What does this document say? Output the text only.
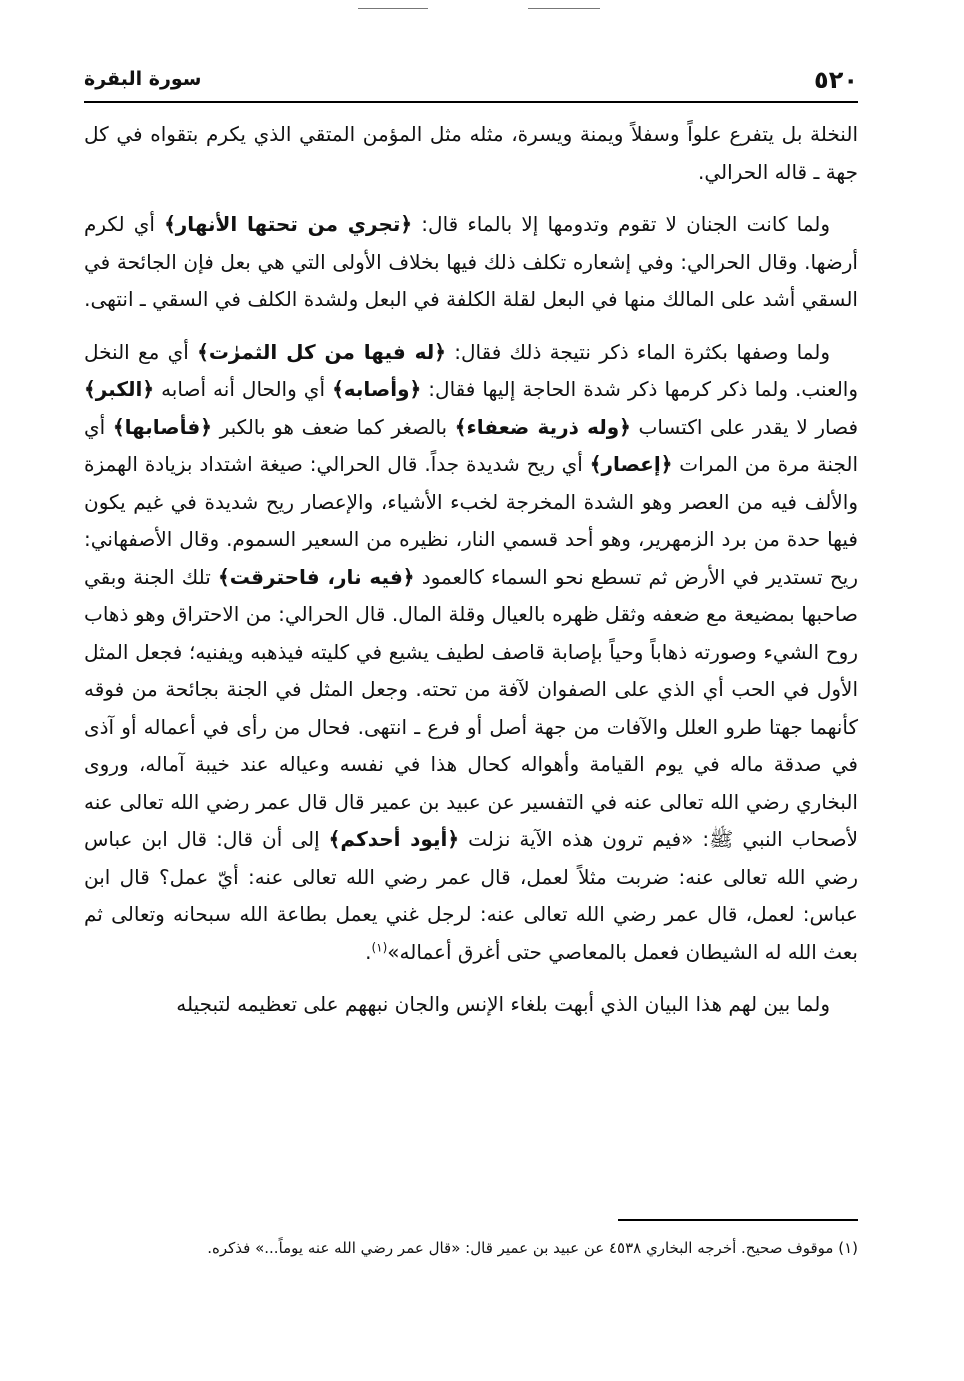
٥٢٠
سورة البقرة

النخلة بل يتفرع علواً وسفلاً ويمنة ويسرة، مثله مثل المؤمن المتقي الذي يكرم بتقواه في كل جهة ـ قاله الحرالي.

ولما كانت الجنان لا تقوم وتدومها إلا بالماء قال: ﴿تجري من تحتها الأنهار﴾ أي لكرم أرضها. وقال الحرالي: وفي إشعاره تكلف ذلك فيها بخلاف الأولى التي هي بعل فإن الجائحة في السقي أشد على المالك منها في البعل لقلة الكلفة في البعل ولشدة الكلف في السقي ـ انتهى.

ولما وصفها بكثرة الماء ذكر نتيجة ذلك فقال: ﴿له فيها من كل الثمرٰت﴾ أي مع النخل والعنب. ولما ذكر كرمها ذكر شدة الحاجة إليها فقال: ﴿وأصابه﴾ أي والحال أنه أصابه ﴿الكبر﴾ فصار لا يقدر على اكتساب ﴿وله ذرية ضعفاء﴾ بالصغر كما ضعف هو بالكبر ﴿فأصابها﴾ أي الجنة مرة من المرات ﴿إعصار﴾ أي ريح شديدة جداً. قال الحرالي: صيغة اشتداد بزيادة الهمزة والألف فيه من العصر وهو الشدة المخرجة لخبء الأشياء، والإعصار ريح شديدة في غيم يكون فيها حدة من برد الزمهرير، وهو أحد قسمي النار، نظيره من السعير السموم. وقال الأصفهاني: ريح تستدير في الأرض ثم تسطع نحو السماء كالعمود ﴿فيه نار، فاحترقت﴾ تلك الجنة وبقي صاحبها بمضيعة مع ضعفه وثقل ظهره بالعيال وقلة المال. قال الحرالي: من الاحتراق وهو ذهاب روح الشيء وصورته ذهاباً وحياً بإصابة قاصف لطيف يشيع في كليته فيذهبه ويفنيه؛ فجعل المثل الأول في الحب أي الذي على الصفوان لآفة من تحته. وجعل المثل في الجنة بجائحة من فوقه كأنهما جهتا طرو العلل والآفات من جهة أصل أو فرع ـ انتهى. فحال من رأى في أعماله أو آذى في صدقة ماله في يوم القيامة وأهواله كحال هذا في نفسه وعياله عند خيبة آماله، وروى البخاري رضي الله تعالى عنه في التفسير عن عبيد بن عمير قال قال عمر رضي الله تعالى عنه لأصحاب النبي ﷺ: «فيم ترون هذه الآية نزلت ﴿أيود أحدكم﴾ إلى أن قال: قال ابن عباس رضي الله تعالى عنه: ضربت مثلاً لعمل، قال عمر رضي الله تعالى عنه: أيّ عمل؟ قال ابن عباس: لعمل، قال عمر رضي الله تعالى عنه: لرجل غني يعمل بطاعة الله سبحانه وتعالى ثم بعث الله له الشيطان فعمل بالمعاصي حتى أغرق أعماله»$^{(١)}$.

ولما بين لهم هذا البيان الذي أبهت بلغاء الإنس والجان نبههم على تعظيمه لتبجيله

(١) موقوف صحيح. أخرجه البخاري ٤٥٣٨ عن عبيد بن عمير قال: «قال عمر رضي الله عنه يوماً...» فذكره.
